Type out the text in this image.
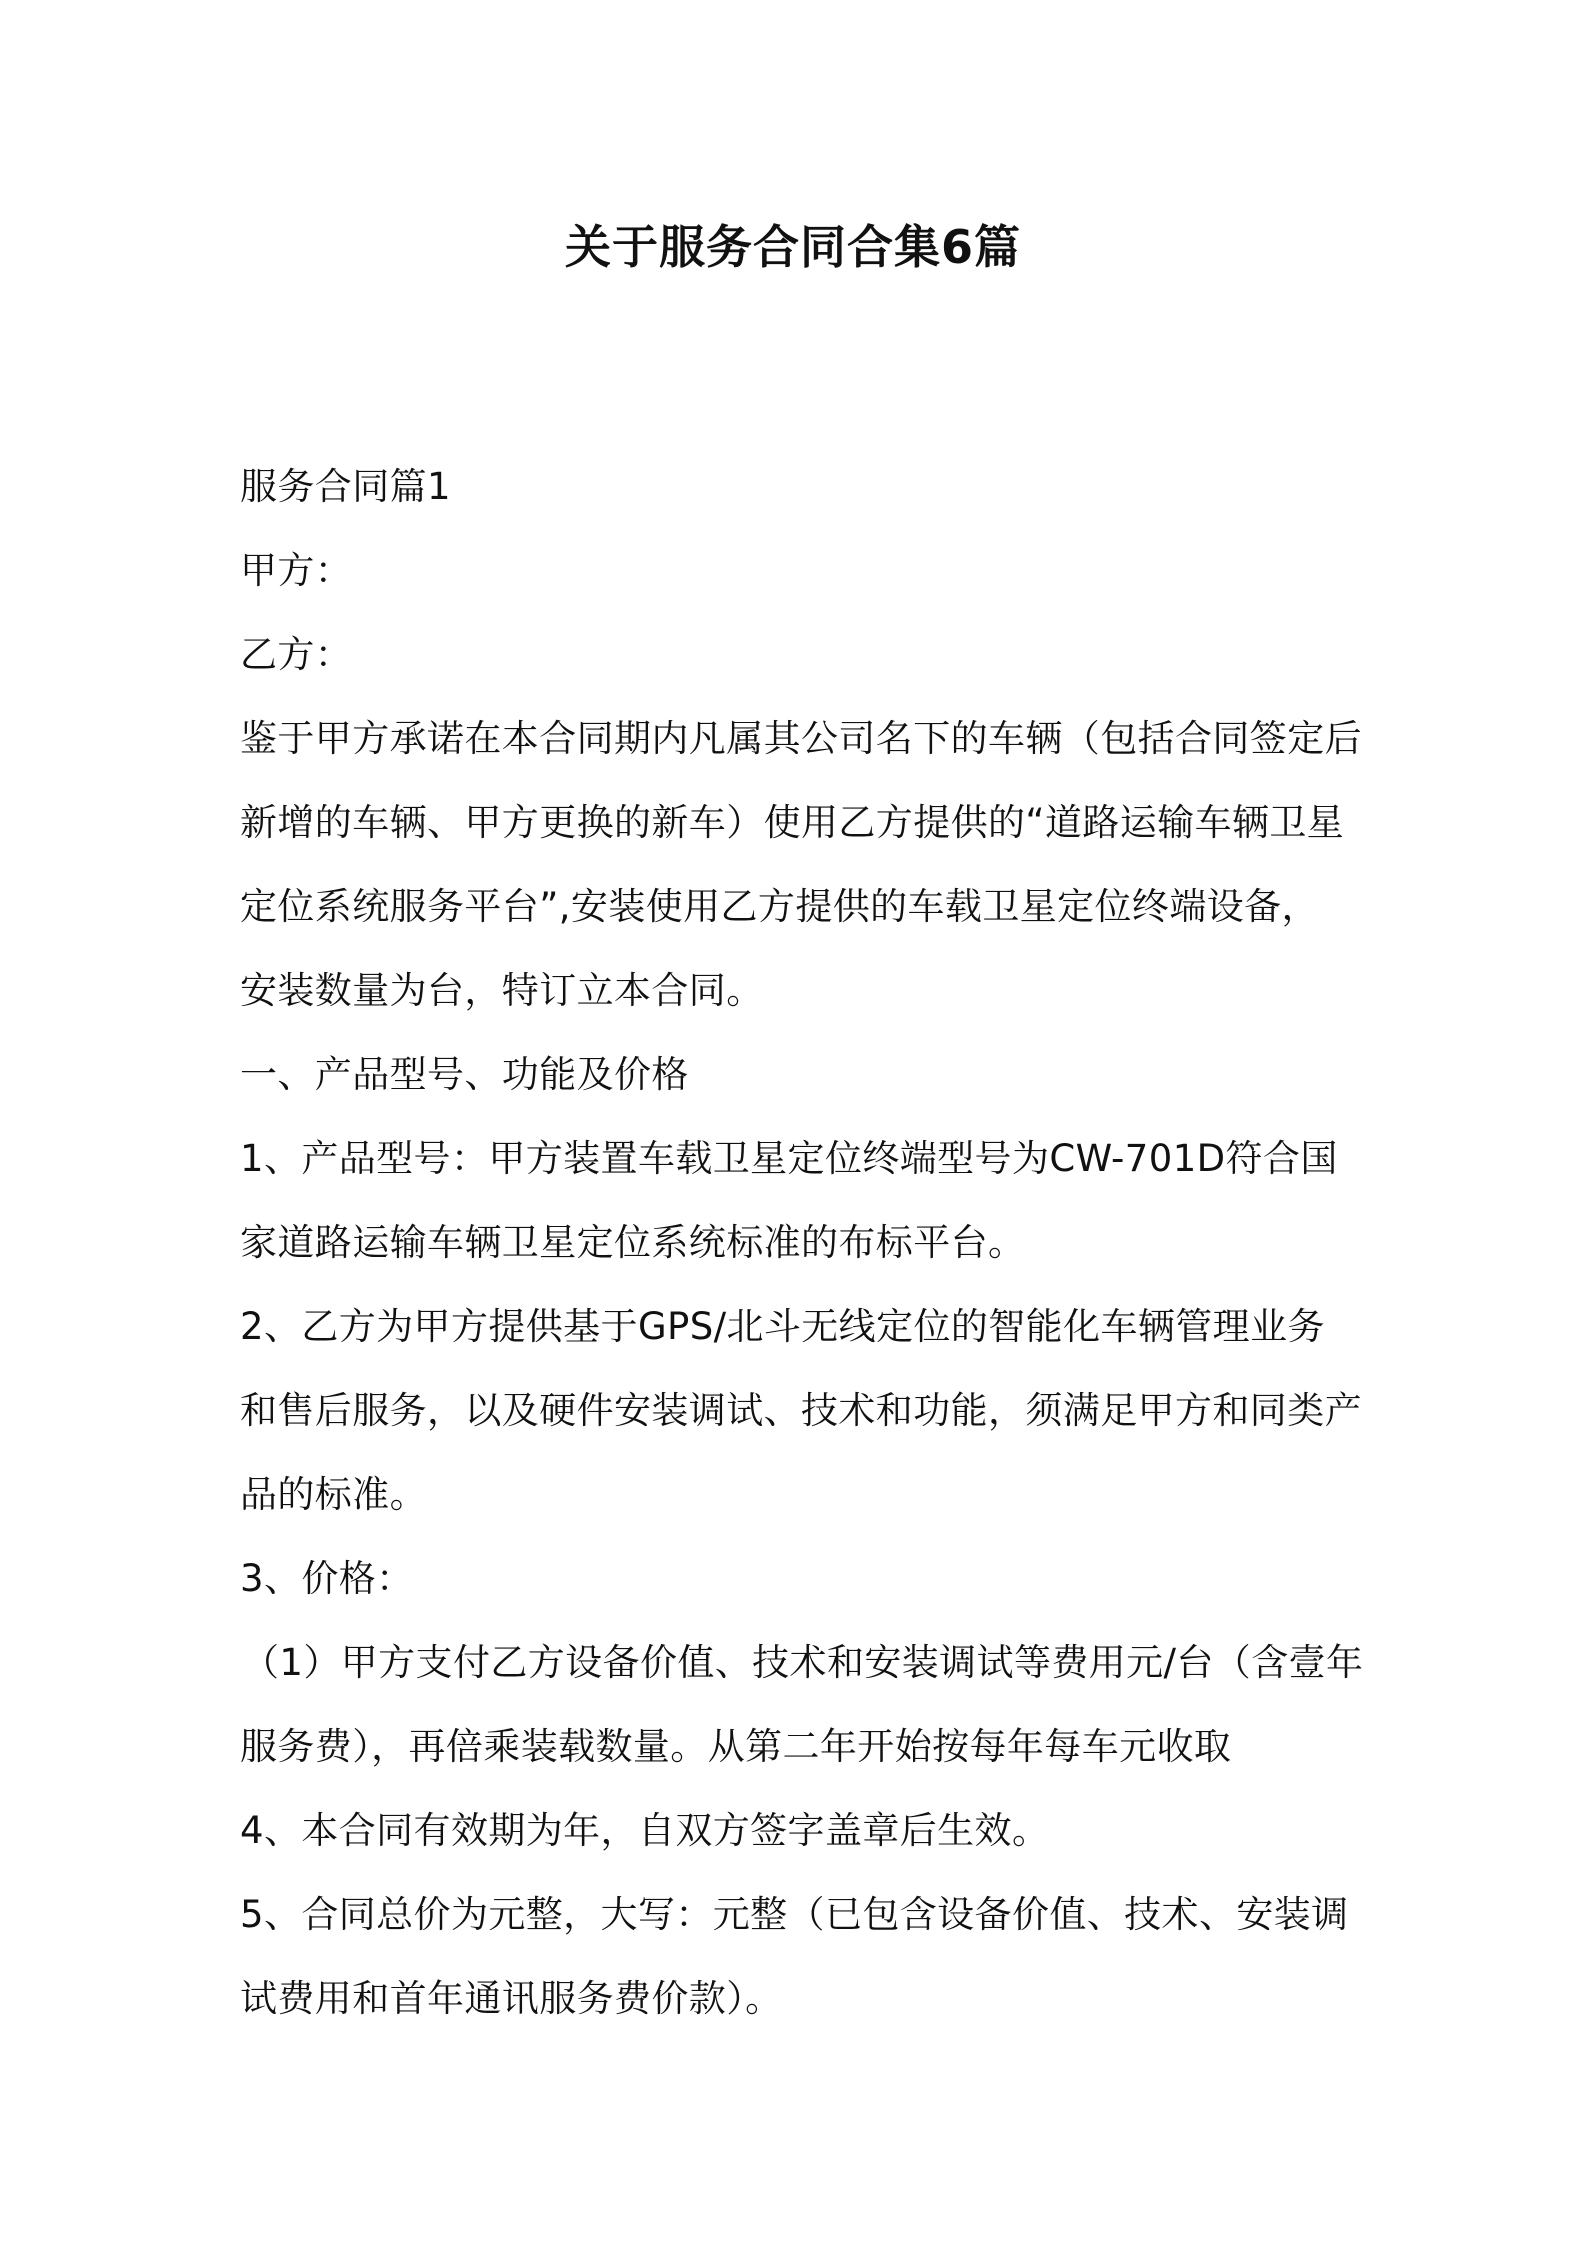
关于服务合同合集6篇
服务合同篇1
甲方：
乙方：
鉴于甲方承诺在本合同期内凡属其公司名下的车辆（包括合同签定后
新增的车辆、甲方更换的新车）使用乙方提供的“道路运输车辆卫星
定位系统服务平台”,安装使用乙方提供的车载卫星定位终端设备，
安装数量为台，特订立本合同。
一、产品型号、功能及价格
1、产品型号：甲方装置车载卫星定位终端型号为CW-701D符合国
家道路运输车辆卫星定位系统标准的布标平台。
2、乙方为甲方提供基于GPS/北斗无线定位的智能化车辆管理业务
和售后服务，以及硬件安装调试、技术和功能，须满足甲方和同类产
品的标准。
3、价格：
（1）甲方支付乙方设备价值、技术和安装调试等费用元/台（含壹年
服务费），再倍乘装载数量。从第二年开始按每年每车元收取
4、本合同有效期为年，自双方签字盖章后生效。
5、合同总价为元整，大写：元整（已包含设备价值、技术、安装调
试费用和首年通讯服务费价款）。
